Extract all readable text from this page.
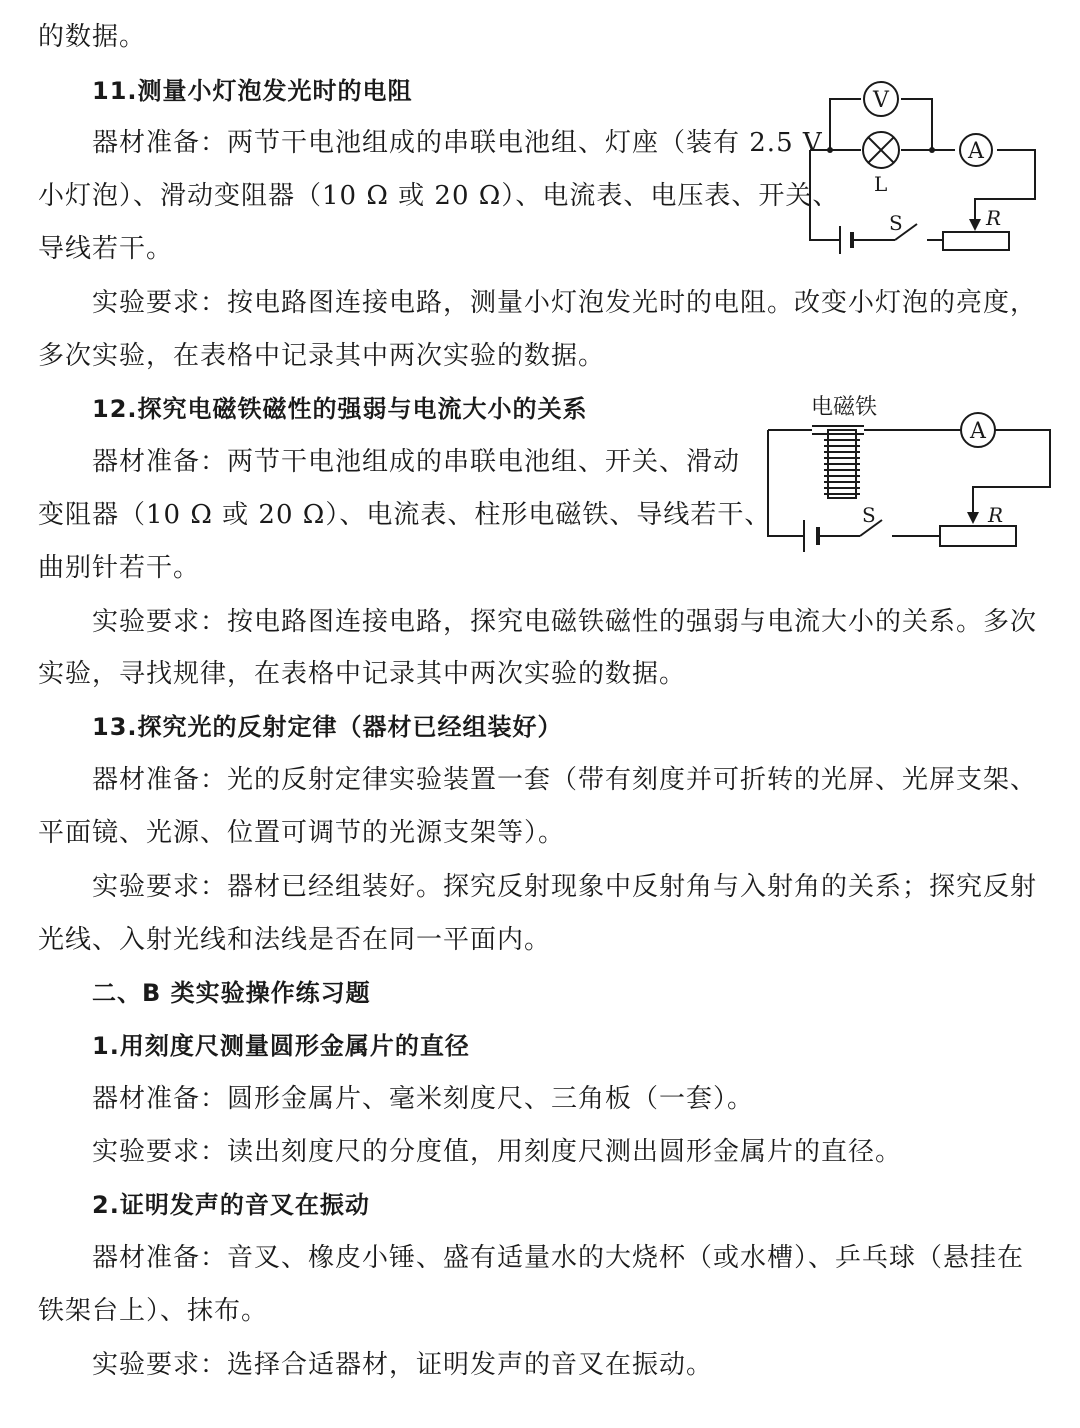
的数据。
11.测量小灯泡发光时的电阻
器材准备：两节干电池组成的串联电池组、灯座（装有 2.5 V
小灯泡）、滑动变阻器（10 Ω 或 20 Ω）、电流表、电压表、开关、
导线若干。
实验要求：按电路图连接电路，测量小灯泡发光时的电阻。改变小灯泡的亮度，
多次实验，在表格中记录其中两次实验的数据。
12.探究电磁铁磁性的强弱与电流大小的关系
器材准备：两节干电池组成的串联电池组、开关、滑动
变阻器（10 Ω 或 20 Ω）、电流表、柱形电磁铁、导线若干、
曲别针若干。
实验要求：按电路图连接电路，探究电磁铁磁性的强弱与电流大小的关系。多次
实验，寻找规律，在表格中记录其中两次实验的数据。
13.探究光的反射定律（器材已经组装好）
器材准备：光的反射定律实验装置一套（带有刻度并可折转的光屏、光屏支架、
平面镜、光源、位置可调节的光源支架等）。
实验要求：器材已经组装好。探究反射现象中反射角与入射角的关系；探究反射
光线、入射光线和法线是否在同一平面内。
二、B 类实验操作练习题
1.用刻度尺测量圆形金属片的直径
器材准备：圆形金属片、毫米刻度尺、三角板（一套）。
实验要求：读出刻度尺的分度值，用刻度尺测出圆形金属片的直径。
2.证明发声的音叉在振动
器材准备：音叉、橡皮小锤、盛有适量水的大烧杯（或水槽）、乒乓球（悬挂在
铁架台上）、抹布。
实验要求：选择合适器材，证明发声的音叉在振动。
V
A
L
S	R
电磁铁
A
S	R
